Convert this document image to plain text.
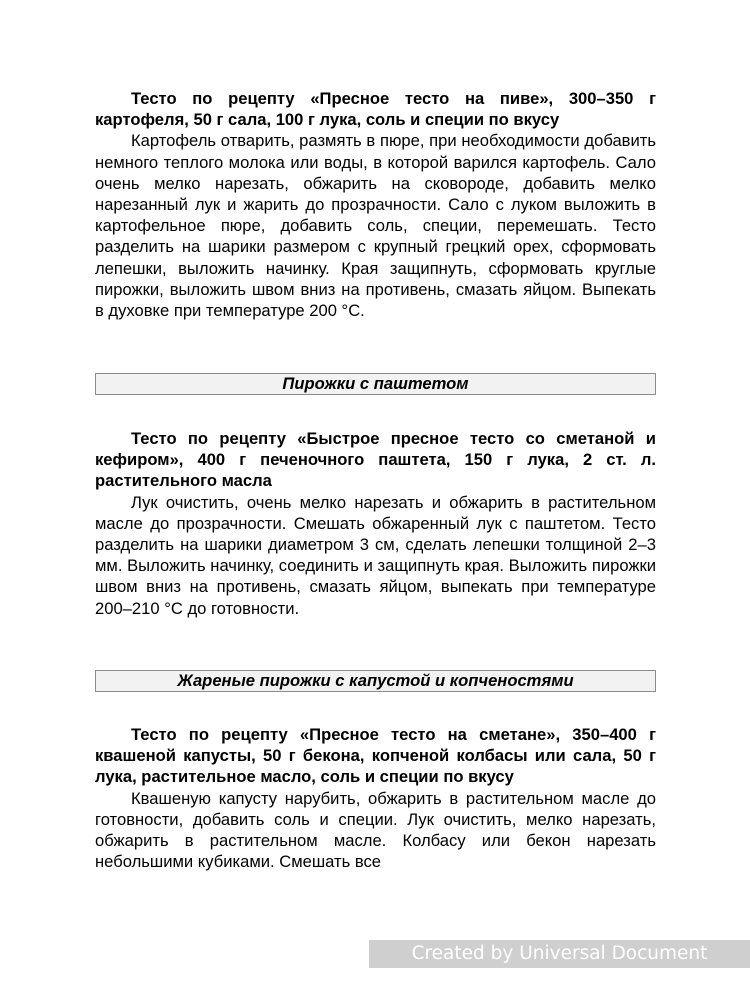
Тесто по рецепту «Пресное тесто на пиве», 300–350 г картофеля, 50 г сала, 100 г лука, соль и специи по вкусу

Картофель отварить, размять в пюре, при необходимости добавить немного теплого молока или воды, в которой варился картофель. Сало очень мелко нарезать, обжарить на сковороде, добавить мелко нарезанный лук и жарить до прозрачности. Сало с луком выложить в картофельное пюре, добавить соль, специи, перемешать. Тесто разделить на шарики размером с крупный грецкий орех, сформовать лепешки, выложить начинку. Края защипнуть, сформовать круглые пирожки, выложить швом вниз на противень, смазать яйцом. Выпекать в духовке при температуре 200 °С.

Пирожки с паштетом

Тесто по рецепту «Быстрое пресное тесто со сметаной и кефиром», 400 г печеночного паштета, 150 г лука, 2 ст. л. растительного масла

Лук очистить, очень мелко нарезать и обжарить в растительном масле до прозрачности. Смешать обжаренный лук с паштетом. Тесто разделить на шарики диаметром 3 см, сделать лепешки толщиной 2–3 мм. Выложить начинку, соединить и защипнуть края. Выложить пирожки швом вниз на противень, смазать яйцом, выпекать при температуре 200–210 °С до готовности.

Жареные пирожки с капустой и копченостями

Тесто по рецепту «Пресное тесто на сметане», 350–400 г квашеной капусты, 50 г бекона, копченой колбасы или сала, 50 г лука, растительное масло, соль и специи по вкусу

Квашеную капусту нарубить, обжарить в растительном масле до готовности, добавить соль и специи. Лук очистить, мелко нарезать, обжарить в растительном масле. Колбасу или бекон нарезать небольшими кубиками. Смешать все

Created by Universal Document Converter
